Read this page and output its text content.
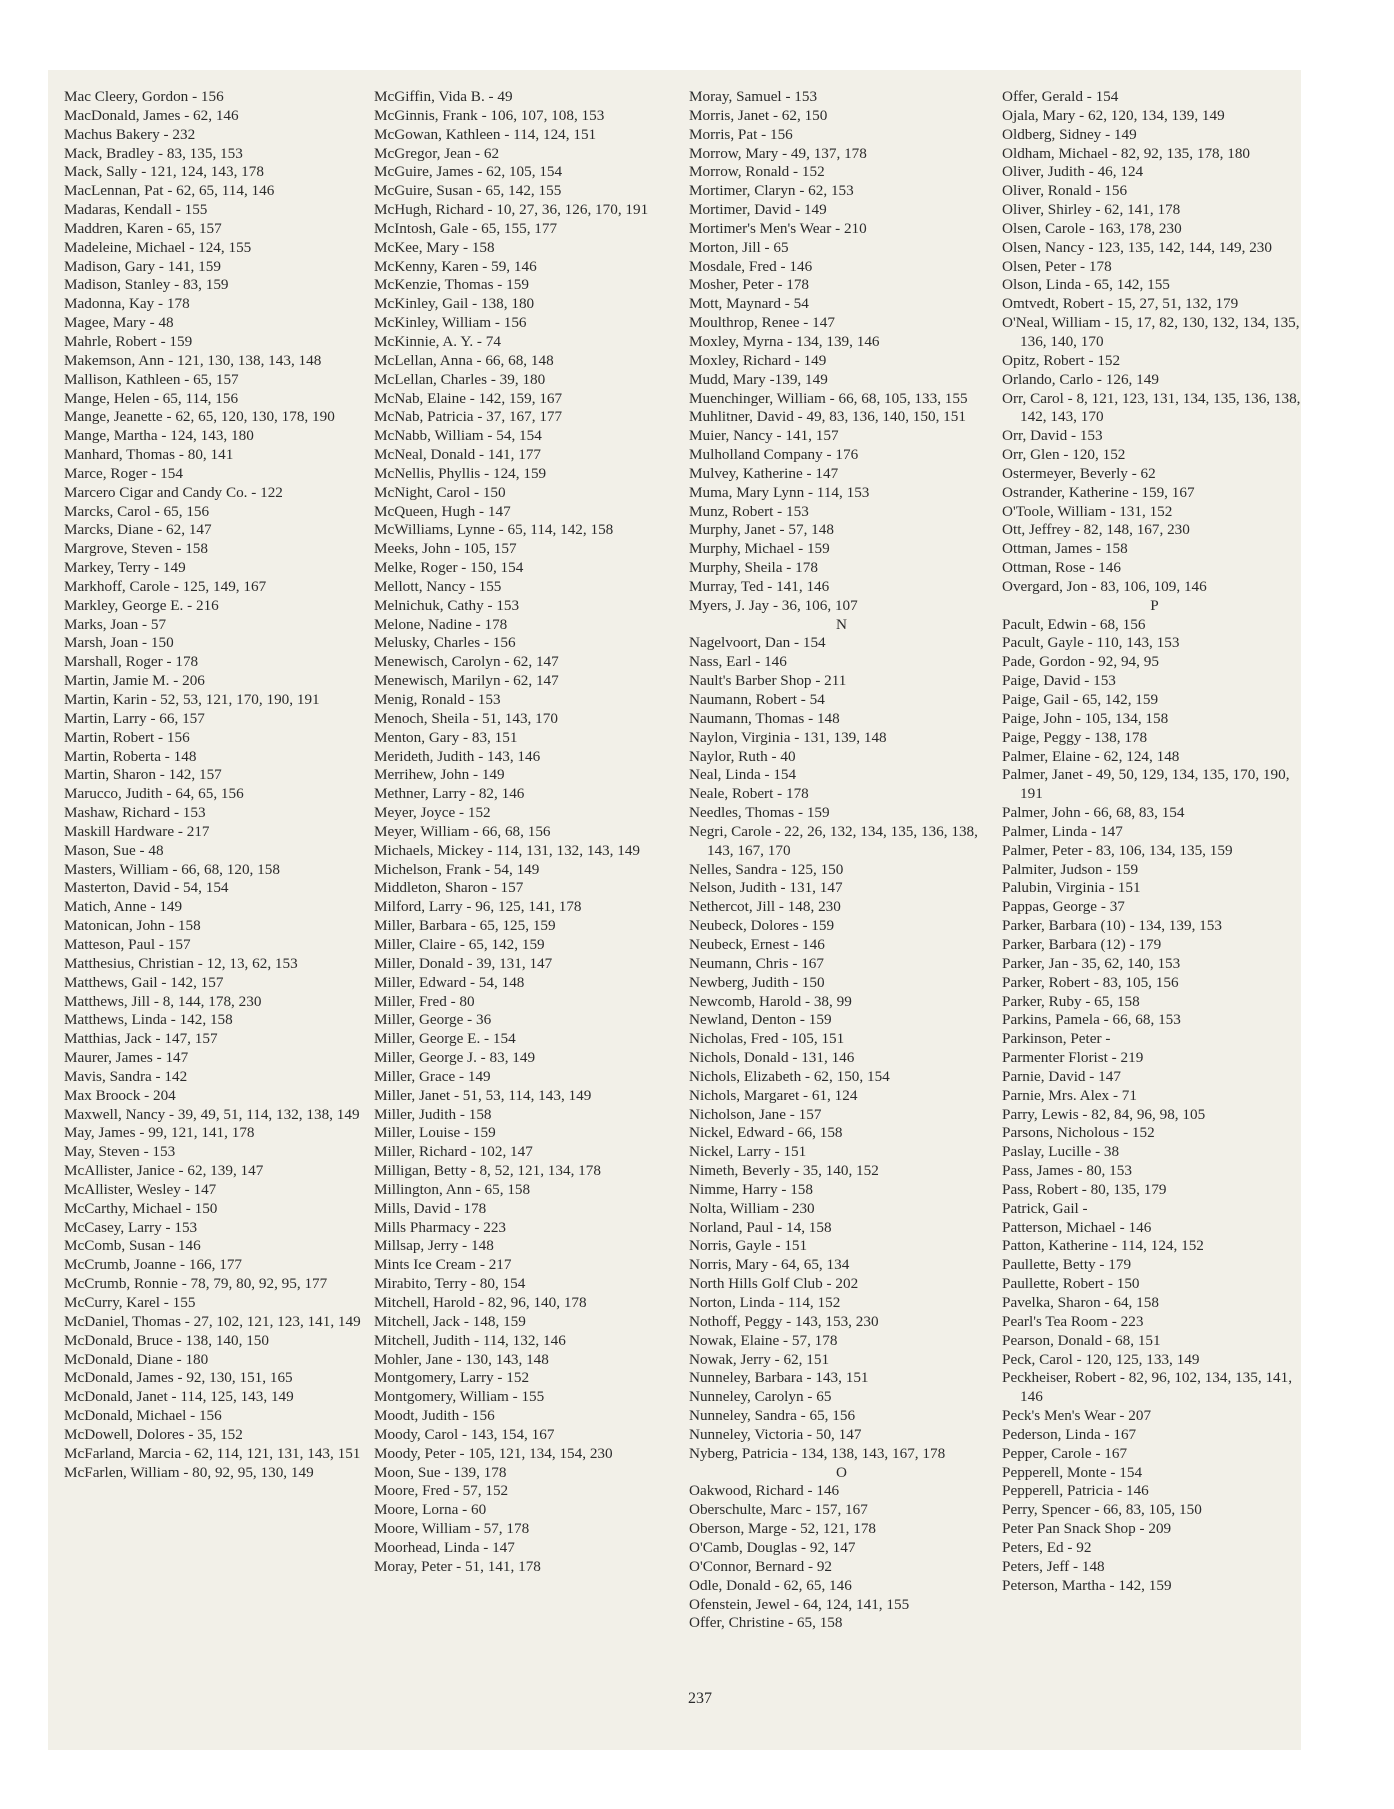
Mac Cleery, Gordon - 156
MacDonald, James - 62, 146
Machus Bakery - 232
Mack, Bradley - 83, 135, 153
Mack, Sally - 121, 124, 143, 178
MacLennan, Pat - 62, 65, 114, 146
Madaras, Kendall - 155
Maddren, Karen - 65, 157
Madeleine, Michael - 124, 155
Madison, Gary - 141, 159
Madison, Stanley - 83, 159
Madonna, Kay - 178
Magee, Mary - 48
Mahrle, Robert - 159
Makemson, Ann - 121, 130, 138, 143, 148
Mallison, Kathleen - 65, 157
Mange, Helen - 65, 114, 156
Mange, Jeanette - 62, 65, 120, 130, 178, 190
Mange, Martha - 124, 143, 180
Manhard, Thomas - 80, 141
Marce, Roger - 154
Marcero Cigar and Candy Co. - 122
Marcks, Carol - 65, 156
Marcks, Diane - 62, 147
Margrove, Steven - 158
Markey, Terry - 149
Markhoff, Carole - 125, 149, 167
Markley, George E. - 216
Marks, Joan - 57
Marsh, Joan - 150
Marshall, Roger - 178
Martin, Jamie M. - 206
Martin, Karin - 52, 53, 121, 170, 190, 191
Martin, Larry - 66, 157
Martin, Robert - 156
Martin, Roberta - 148
Martin, Sharon - 142, 157
Marucco, Judith - 64, 65, 156
Mashaw, Richard - 153
Maskill Hardware - 217
Mason, Sue - 48
Masters, William - 66, 68, 120, 158
Masterton, David - 54, 154
Matich, Anne - 149
Matonican, John - 158
Matteson, Paul - 157
Matthesius, Christian - 12, 13, 62, 153
Matthews, Gail - 142, 157
Matthews, Jill - 8, 144, 178, 230
Matthews, Linda - 142, 158
Matthias, Jack - 147, 157
Maurer, James - 147
Mavis, Sandra - 142
Max Broock - 204
Maxwell, Nancy - 39, 49, 51, 114, 132, 138, 149
May, James - 99, 121, 141, 178
May, Steven - 153
McAllister, Janice - 62, 139, 147
McAllister, Wesley - 147
McCarthy, Michael - 150
McCasey, Larry - 153
McComb, Susan - 146
McCrumb, Joanne - 166, 177
McCrumb, Ronnie - 78, 79, 80, 92, 95, 177
McCurry, Karel - 155
McDaniel, Thomas - 27, 102, 121, 123, 141, 149
McDonald, Bruce - 138, 140, 150
McDonald, Diane - 180
McDonald, James - 92, 130, 151, 165
McDonald, Janet - 114, 125, 143, 149
McDonald, Michael - 156
McDowell, Dolores - 35, 152
McFarland, Marcia - 62, 114, 121, 131, 143, 151
McFarlen, William - 80, 92, 95, 130, 149
McGiffin, Vida B. - 49
McGinnis, Frank - 106, 107, 108, 153
McGowan, Kathleen - 114, 124, 151
McGregor, Jean - 62
McGuire, James - 62, 105, 154
McGuire, Susan - 65, 142, 155
McHugh, Richard - 10, 27, 36, 126, 170, 191
McIntosh, Gale - 65, 155, 177
McKee, Mary - 158
McKenny, Karen - 59, 146
McKenzie, Thomas - 159
McKinley, Gail - 138, 180
McKinley, William - 156
McKinnie, A. Y. - 74
McLellan, Anna - 66, 68, 148
McLellan, Charles - 39, 180
McNab, Elaine - 142, 159, 167
McNab, Patricia - 37, 167, 177
McNabb, William - 54, 154
McNeal, Donald - 141, 177
McNellis, Phyllis - 124, 159
McNight, Carol - 150
McQueen, Hugh - 147
McWilliams, Lynne - 65, 114, 142, 158
Meeks, John - 105, 157
Melke, Roger - 150, 154
Mellott, Nancy - 155
Melnichuk, Cathy - 153
Melone, Nadine - 178
Melusky, Charles - 156
Menewisch, Carolyn - 62, 147
Menewisch, Marilyn - 62, 147
Menig, Ronald - 153
Menoch, Sheila - 51, 143, 170
Menton, Gary - 83, 151
Merideth, Judith - 143, 146
Merrihew, John - 149
Methner, Larry - 82, 146
Meyer, Joyce - 152
Meyer, William - 66, 68, 156
Michaels, Mickey - 114, 131, 132, 143, 149
Michelson, Frank - 54, 149
Middleton, Sharon - 157
Milford, Larry - 96, 125, 141, 178
Miller, Barbara - 65, 125, 159
Miller, Claire - 65, 142, 159
Miller, Donald - 39, 131, 147
Miller, Edward - 54, 148
Miller, Fred - 80
Miller, George - 36
Miller, George E. - 154
Miller, George J. - 83, 149
Miller, Grace - 149
Miller, Janet - 51, 53, 114, 143, 149
Miller, Judith - 158
Miller, Louise - 159
Miller, Richard - 102, 147
Milligan, Betty - 8, 52, 121, 134, 178
Millington, Ann - 65, 158
Mills, David - 178
Mills Pharmacy - 223
Millsap, Jerry - 148
Mints Ice Cream - 217
Mirabito, Terry - 80, 154
Mitchell, Harold - 82, 96, 140, 178
Mitchell, Jack - 148, 159
Mitchell, Judith - 114, 132, 146
Mohler, Jane - 130, 143, 148
Montgomery, Larry - 152
Montgomery, William - 155
Moodt, Judith - 156
Moody, Carol - 143, 154, 167
Moody, Peter - 105, 121, 134, 154, 230
Moon, Sue - 139, 178
Moore, Fred - 57, 152
Moore, Lorna - 60
Moore, William - 57, 178
Moorhead, Linda - 147
Moray, Peter - 51, 141, 178
Moray, Samuel - 153
Morris, Janet - 62, 150
Morris, Pat - 156
Morrow, Mary - 49, 137, 178
Morrow, Ronald - 152
Mortimer, Claryn - 62, 153
Mortimer, David - 149
Mortimer's Men's Wear - 210
Morton, Jill - 65
Mosdale, Fred - 146
Mosher, Peter - 178
Mott, Maynard - 54
Moulthrop, Renee - 147
Moxley, Myrna - 134, 139, 146
Moxley, Richard - 149
Mudd, Mary -139, 149
Muenchinger, William - 66, 68, 105, 133, 155
Muhlitner, David - 49, 83, 136, 140, 150, 151
Muier, Nancy - 141, 157
Mulholland Company - 176
Mulvey, Katherine - 147
Muma, Mary Lynn - 114, 153
Munz, Robert - 153
Murphy, Janet - 57, 148
Murphy, Michael - 159
Murphy, Sheila - 178
Murray, Ted - 141, 146
Myers, J. Jay - 36, 106, 107
N
Nagelvoort, Dan - 154
Nass, Earl - 146
Nault's Barber Shop - 211
Naumann, Robert - 54
Naumann, Thomas - 148
Naylon, Virginia - 131, 139, 148
Naylor, Ruth - 40
Neal, Linda - 154
Neale, Robert - 178
Needles, Thomas - 159
Negri, Carole - 22, 26, 132, 134, 135, 136, 138, 143, 167, 170
Nelles, Sandra - 125, 150
Nelson, Judith - 131, 147
Nethercot, Jill - 148, 230
Neubeck, Dolores - 159
Neubeck, Ernest - 146
Neumann, Chris - 167
Newberg, Judith - 150
Newcomb, Harold - 38, 99
Newland, Denton - 159
Nicholas, Fred - 105, 151
Nichols, Donald - 131, 146
Nichols, Elizabeth - 62, 150, 154
Nichols, Margaret - 61, 124
Nicholson, Jane - 157
Nickel, Edward - 66, 158
Nickel, Larry - 151
Nimeth, Beverly - 35, 140, 152
Nimme, Harry - 158
Nolta, William - 230
Norland, Paul - 14, 158
Norris, Gayle - 151
Norris, Mary - 64, 65, 134
North Hills Golf Club - 202
Norton, Linda - 114, 152
Nothoff, Peggy - 143, 153, 230
Nowak, Elaine - 57, 178
Nowak, Jerry - 62, 151
Nunneley, Barbara - 143, 151
Nunneley, Carolyn - 65
Nunneley, Sandra - 65, 156
Nunneley, Victoria - 50, 147
Nyberg, Patricia - 134, 138, 143, 167, 178
O
Oakwood, Richard - 146
Oberschulte, Marc - 157, 167
Oberson, Marge - 52, 121, 178
O'Camb, Douglas - 92, 147
O'Connor, Bernard - 92
Odle, Donald - 62, 65, 146
Ofenstein, Jewel - 64, 124, 141, 155
Offer, Christine - 65, 158
Offer, Gerald - 154
Ojala, Mary - 62, 120, 134, 139, 149
Oldberg, Sidney - 149
Oldham, Michael - 82, 92, 135, 178, 180
Oliver, Judith - 46, 124
Oliver, Ronald - 156
Oliver, Shirley - 62, 141, 178
Olsen, Carole - 163, 178, 230
Olsen, Nancy - 123, 135, 142, 144, 149, 230
Olsen, Peter - 178
Olson, Linda - 65, 142, 155
Omtvedt, Robert - 15, 27, 51, 132, 179
O'Neal, William - 15, 17, 82, 130, 132, 134, 135, 136, 140, 170
Opitz, Robert - 152
Orlando, Carlo - 126, 149
Orr, Carol - 8, 121, 123, 131, 134, 135, 136, 138, 142, 143, 170
Orr, David - 153
Orr, Glen - 120, 152
Ostermeyer, Beverly - 62
Ostrander, Katherine - 159, 167
O'Toole, William - 131, 152
Ott, Jeffrey - 82, 148, 167, 230
Ottman, James - 158
Ottman, Rose - 146
Overgard, Jon - 83, 106, 109, 146
P
Pacult, Edwin - 68, 156
Pacult, Gayle - 110, 143, 153
Pade, Gordon - 92, 94, 95
Paige, David - 153
Paige, Gail - 65, 142, 159
Paige, John - 105, 134, 158
Paige, Peggy - 138, 178
Palmer, Elaine - 62, 124, 148
Palmer, Janet - 49, 50, 129, 134, 135, 170, 190, 191
Palmer, John - 66, 68, 83, 154
Palmer, Linda - 147
Palmer, Peter - 83, 106, 134, 135, 159
Palmiter, Judson - 159
Palubin, Virginia - 151
Pappas, George - 37
Parker, Barbara (10) - 134, 139, 153
Parker, Barbara (12) - 179
Parker, Jan - 35, 62, 140, 153
Parker, Robert - 83, 105, 156
Parker, Ruby - 65, 158
Parkins, Pamela - 66, 68, 153
Parkinson, Peter -
Parmenter Florist - 219
Parnie, David - 147
Parnie, Mrs. Alex - 71
Parry, Lewis - 82, 84, 96, 98, 105
Parsons, Nicholous - 152
Paslay, Lucille - 38
Pass, James - 80, 153
Pass, Robert - 80, 135, 179
Patrick, Gail -
Patterson, Michael - 146
Patton, Katherine - 114, 124, 152
Paullette, Betty - 179
Paullette, Robert - 150
Pavelka, Sharon - 64, 158
Pearl's Tea Room - 223
Pearson, Donald - 68, 151
Peck, Carol - 120, 125, 133, 149
Peckheiser, Robert - 82, 96, 102, 134, 135, 141, 146
Peck's Men's Wear - 207
Pederson, Linda - 167
Pepper, Carole - 167
Pepperell, Monte - 154
Pepperell, Patricia - 146
Perry, Spencer - 66, 83, 105, 150
Peter Pan Snack Shop - 209
Peters, Ed - 92
Peters, Jeff - 148
Peterson, Martha - 142, 159
237
